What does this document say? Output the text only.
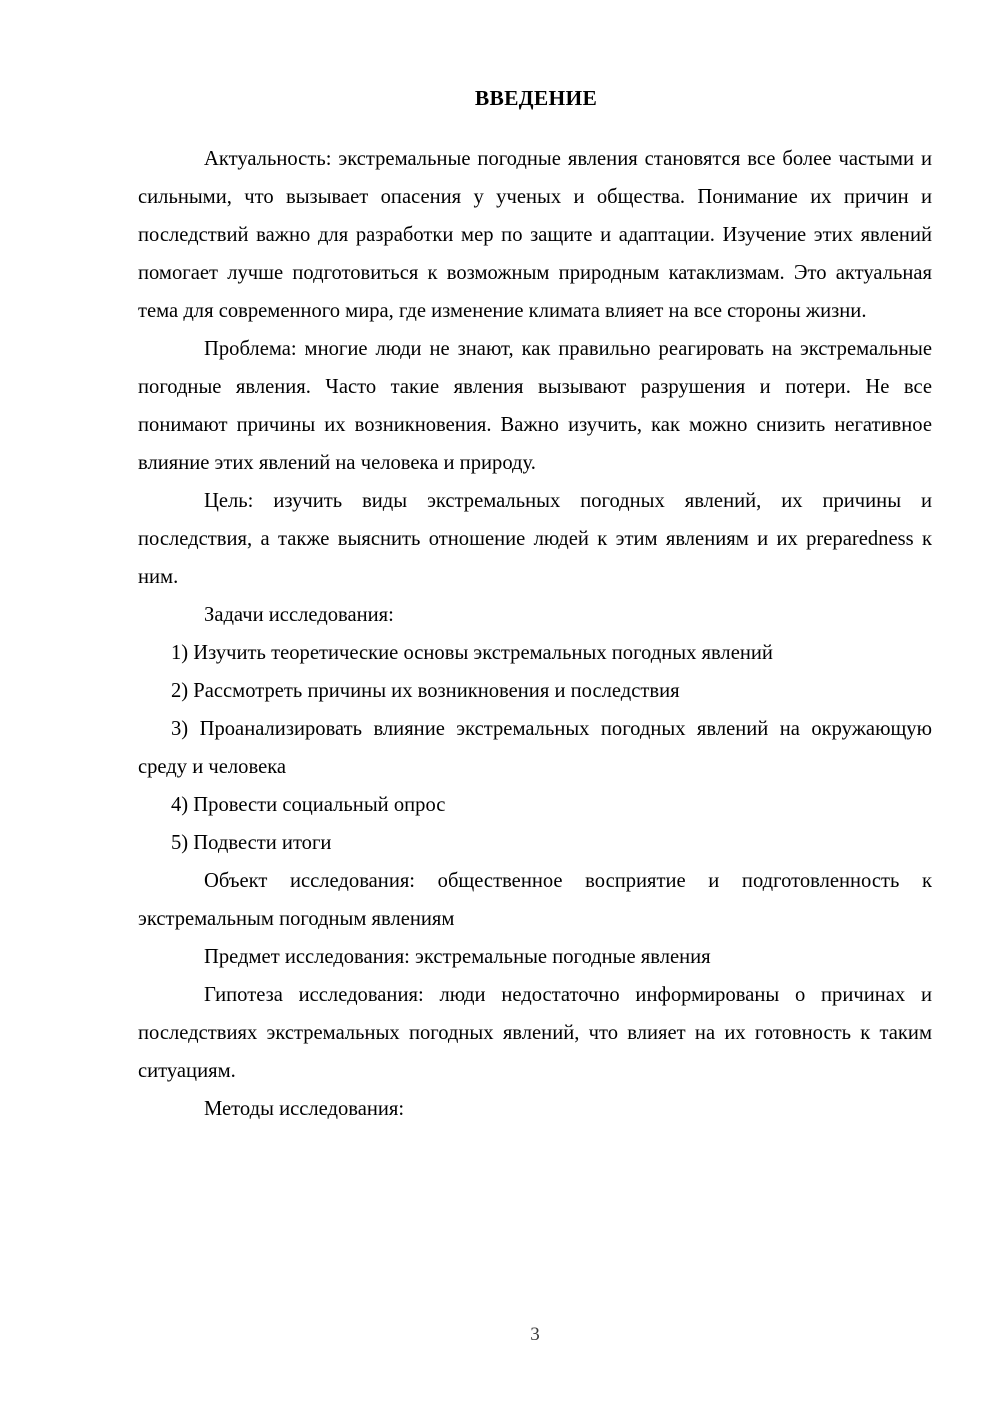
ВВЕДЕНИЕ

Актуальность: экстремальные погодные явления становятся все более частыми и сильными, что вызывает опасения у ученых и общества. Понимание их причин и последствий важно для разработки мер по защите и адаптации. Изучение этих явлений помогает лучше подготовиться к возможным природным катаклизмам. Это актуальная тема для современного мира, где изменение климата влияет на все стороны жизни.

Проблема: многие люди не знают, как правильно реагировать на экстремальные погодные явления. Часто такие явления вызывают разрушения и потери. Не все понимают причины их возникновения. Важно изучить, как можно снизить негативное влияние этих явлений на человека и природу.

Цель: изучить виды экстремальных погодных явлений, их причины и последствия, а также выяснить отношение людей к этим явлениям и их preparedness к ним.

Задачи исследования:

1) Изучить теоретические основы экстремальных погодных явлений

2) Рассмотреть причины их возникновения и последствия

3) Проанализировать влияние экстремальных погодных явлений на окружающую среду и человека

4) Провести социальный опрос

5) Подвести итоги

Объект исследования: общественное восприятие и подготовленность к экстремальным погодным явлениям

Предмет исследования: экстремальные погодные явления

Гипотеза исследования: люди недостаточно информированы о причинах и последствиях экстремальных погодных явлений, что влияет на их готовность к таким ситуациям.

Методы исследования:

3
